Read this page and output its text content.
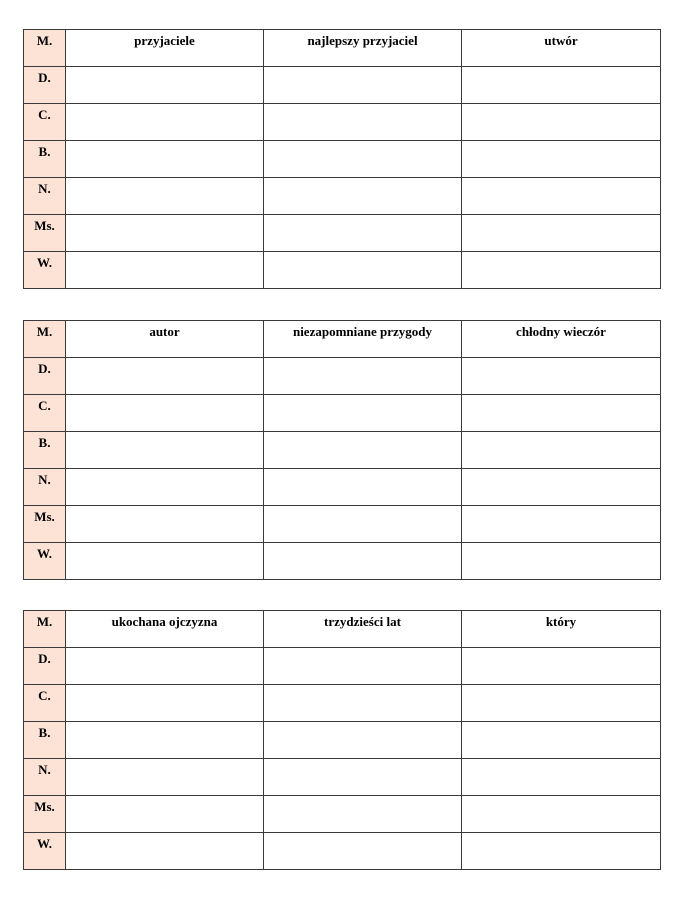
M.	przyjaciele	najlepszy przyjaciel	utwór

D.			

C.			

B.			

N.			

Ms.			

W.			

M.	autor	niezapomniane przygody	chłodny wieczór

D.			

C.			

B.			

N.			

Ms.			

W.			

M.	ukochana ojczyzna	trzydzieści lat	który

D.			

C.			

B.			

N.			

Ms.			

W.			
